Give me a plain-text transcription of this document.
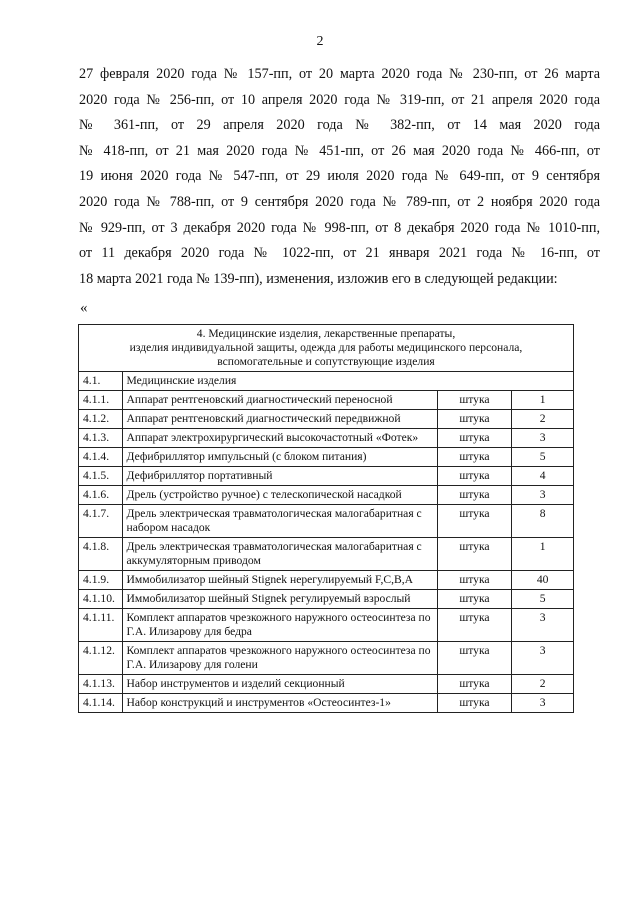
2
27 февраля 2020 года № 157-пп, от 20 марта 2020 года № 230-пп, от 26 марта
2020 года № 256-пп, от 10 апреля 2020 года № 319-пп, от 21 апреля 2020 года
№ 361-пп, от 29 апреля 2020 года № 382-пп, от 14 мая 2020 года
№ 418-пп, от 21 мая 2020 года № 451-пп, от 26 мая 2020 года № 466-пп, от
19 июня 2020 года № 547-пп, от 29 июля 2020 года № 649-пп, от 9 сентября
2020 года № 788-пп, от 9 сентября 2020 года № 789-пп, от 2 ноября 2020 года
№ 929-пп, от 3 декабря 2020 года № 998-пп, от 8 декабря 2020 года № 1010-пп,
от 11 декабря 2020 года № 1022-пп, от 21 января 2021 года № 16-пп, от
18 марта 2021 года № 139-пп), изменения, изложив его в следующей редакции:
«
4. Медицинские изделия, лекарственные препараты,
изделия индивидуальной защиты, одежда для работы медицинского персонала,
вспомогательные и сопутствующие изделия			

4.1.	Медицинские изделия		
4.1.1.	Аппарат рентгеновский диагностический переносной	штука	1
4.1.2.	Аппарат рентгеновский диагностический передвижной	штука	2
4.1.3.	Аппарат электрохирургический высокочастотный «Фотек»	штука	3
4.1.4.	Дефибриллятор импульсный (с блоком питания)	штука	5
4.1.5.	Дефибриллятор портативный	штука	4
4.1.6.	Дрель (устройство ручное) с телескопической насадкой	штука	3
4.1.7.	Дрель электрическая травматологическая малогабаритная с набором насадок	штука	8
4.1.8.	Дрель электрическая травматологическая малогабаритная с аккумуляторным приводом	штука	1
4.1.9.	Иммобилизатор шейный Stignek нерегулируемый F,C,B,A	штука	40
4.1.10.	Иммобилизатор шейный Stignek регулируемый взрослый	штука	5
4.1.11.	Комплект аппаратов чрезкожного наружного остеосинтеза по Г.А. Илизарову для бедра	штука	3
4.1.12.	Комплект аппаратов чрезкожного наружного остеосинтеза по Г.А. Илизарову для голени	штука	3
4.1.13.	Набор инструментов и изделий секционный	штука	2
4.1.14.	Набор конструкций и инструментов «Остеосинтез-1»	штука	3
